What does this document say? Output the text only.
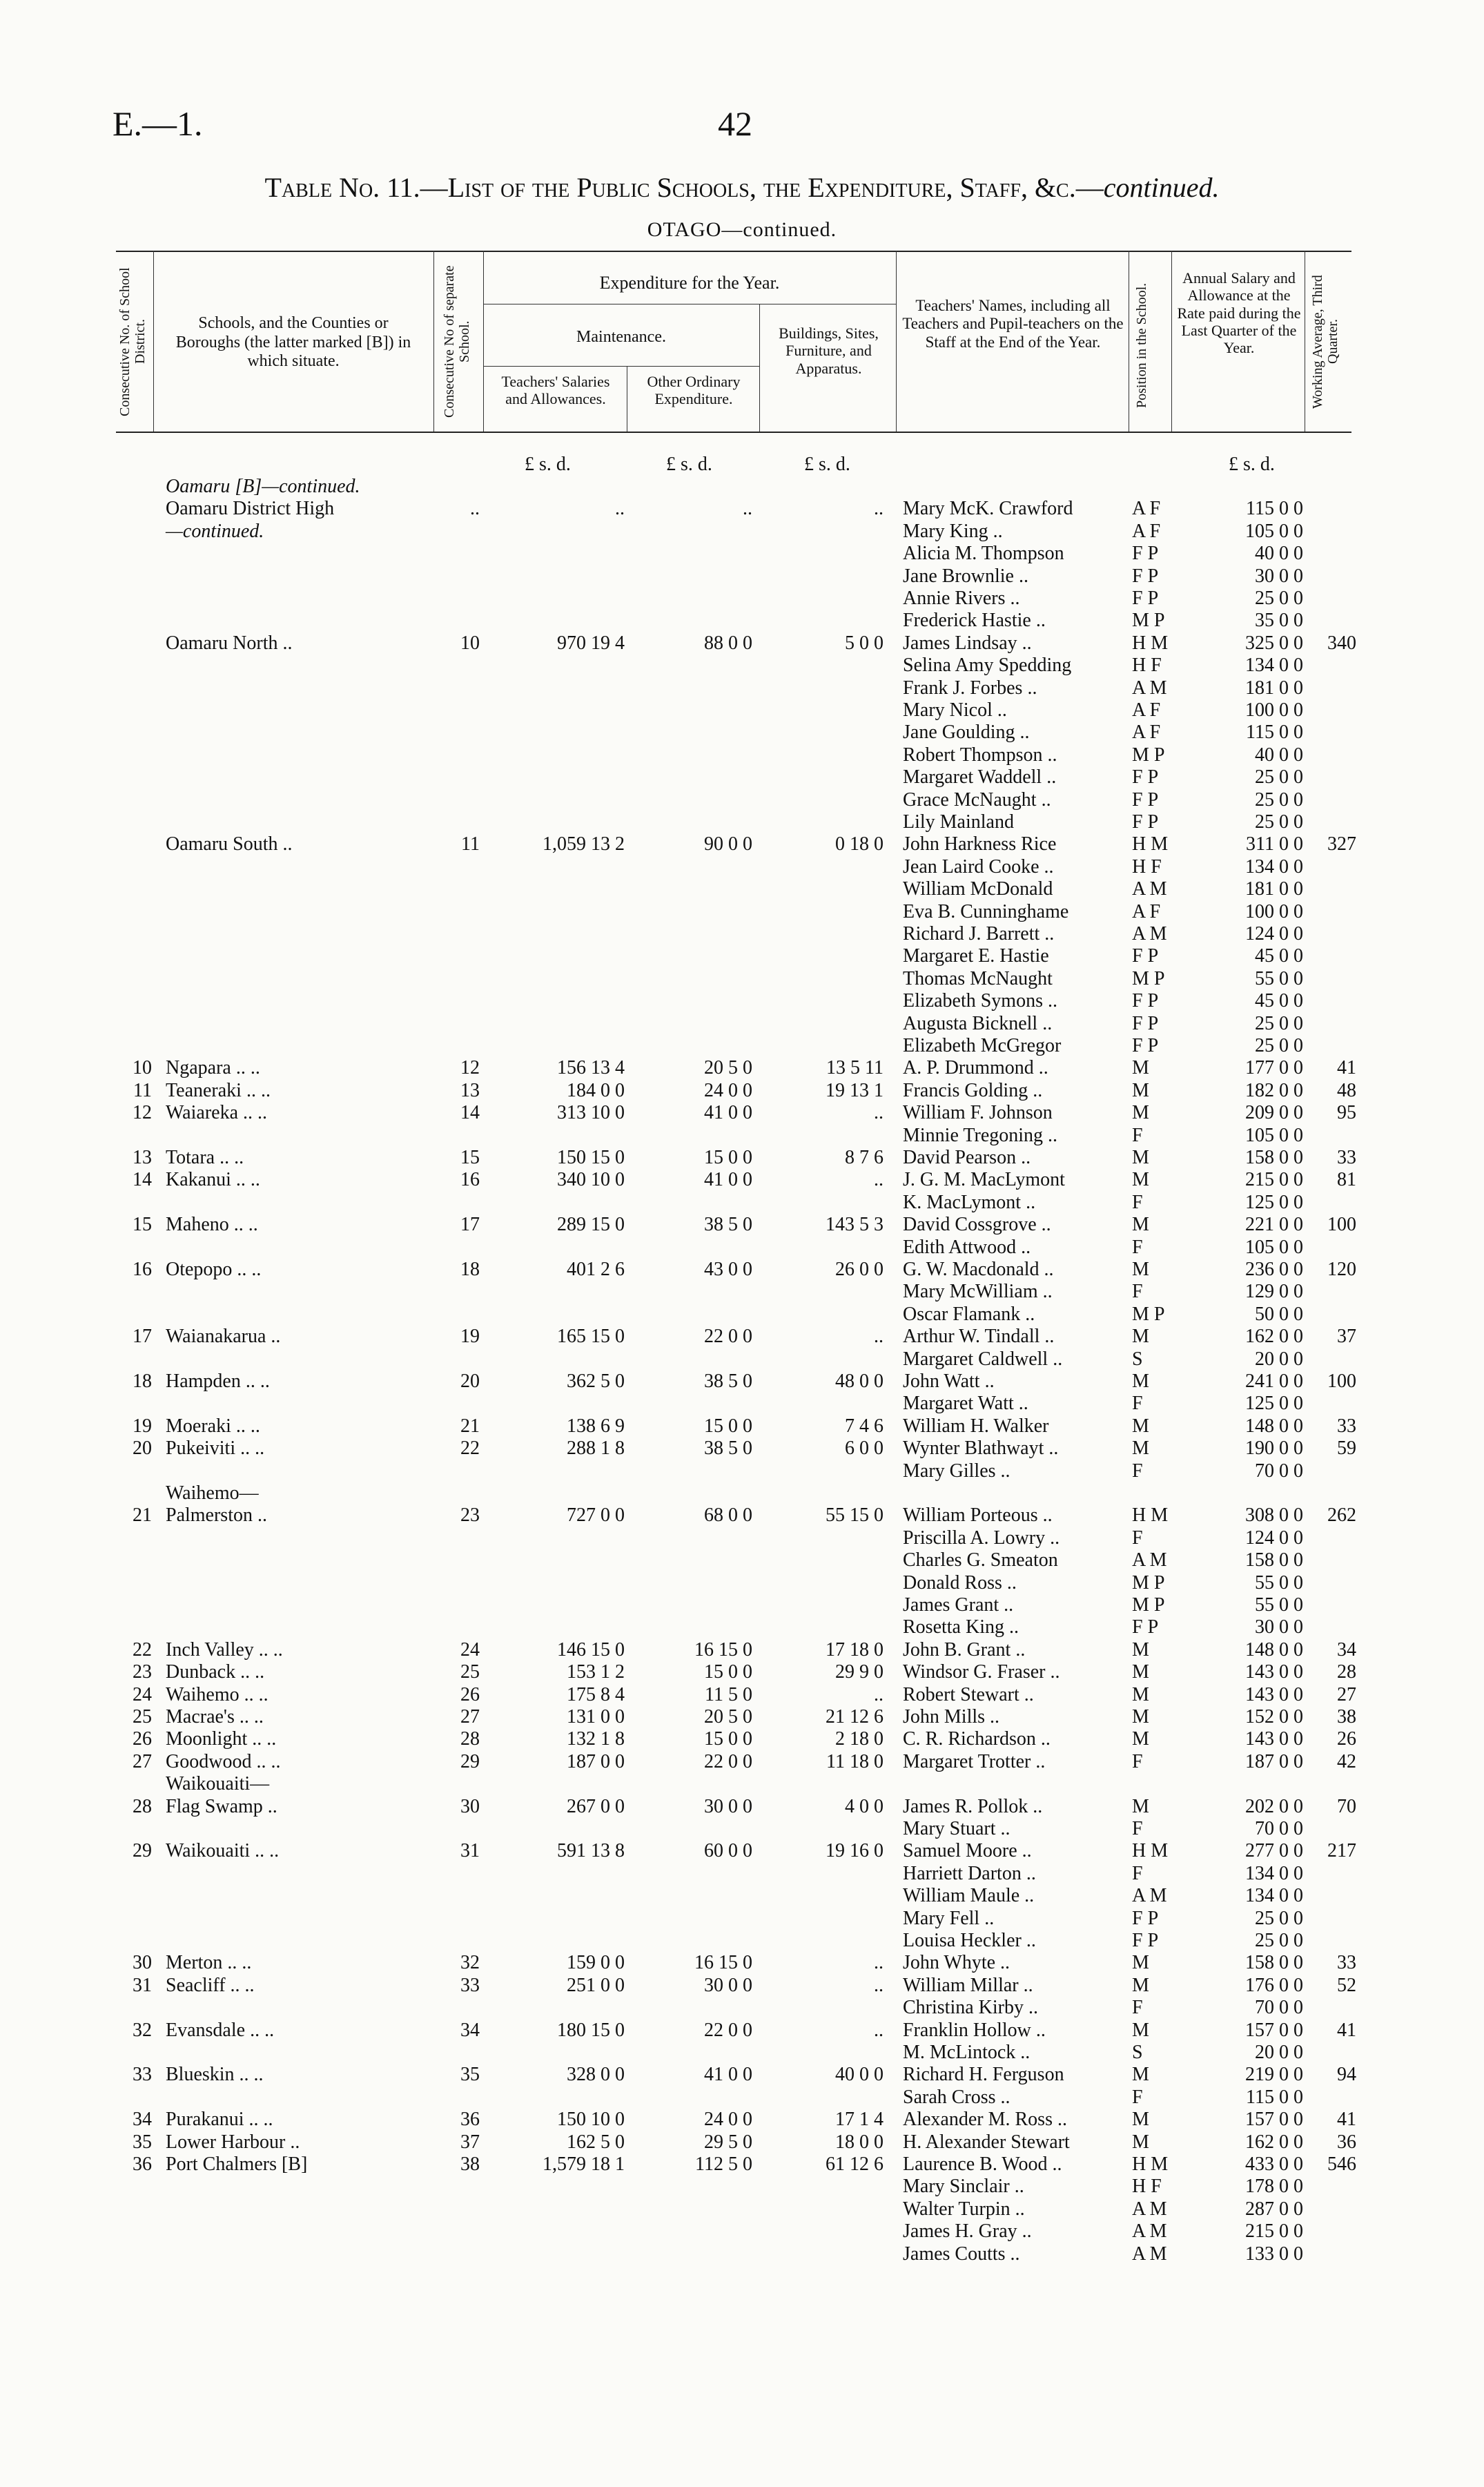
E.—1.	42
Table No. 11.—List of the Public Schools, the Expenditure, Staff, &c.—continued.
OTAGO—continued.
Consecutive No. of School District.	Schools, and the Counties or Boroughs (the latter marked [B]) in which situate.	Consecutive No of separate School.
Expenditure for the Year.
Maintenance.
Teachers' Salaries and Allowances.
Other Ordinary Expenditure.
Buildings, Sites, Furniture, and Apparatus.
Teachers' Names, including all Teachers and Pupil-teachers on the Staff at the End of the Year.	Position in the School.
Annual Salary and Allowance at the Rate paid during the Last Quarter of the Year.	Working Average, Third Quarter.
£ s. d.	£ s. d.	£ s. d.	£ s. d.
Oamaru [B]—continued.
Oamaru District High	..	..	..	.. Mary McK. Crawford	A F	115 0 0
—continued.	Mary King ..	A F	105 0 0
Alicia M. Thompson	F P	40 0 0
Jane Brownlie ..	F P	30 0 0
Annie Rivers ..	F P	25 0 0
Frederick Hastie ..	M P	35 0 0
Oamaru North ..	10	970 19 4	88 0 0	5 0 0 James Lindsay ..	H M	325 0 0	340
Selina Amy Spedding	H F	134 0 0
Frank J. Forbes ..	A M	181 0 0
Mary Nicol ..	A F	100 0 0
Jane Goulding ..	A F	115 0 0
Robert Thompson ..	M P	40 0 0
Margaret Waddell ..	F P	25 0 0
Grace McNaught ..	F P	25 0 0
Lily Mainland	F P	25 0 0
Oamaru South ..	11	1,059 13 2	90 0 0	0 18 0 John Harkness Rice	H M	311 0 0	327
Jean Laird Cooke ..	H F	134 0 0
William McDonald	A M	181 0 0
Eva B. Cunninghame	A F	100 0 0
Richard J. Barrett ..	A M	124 0 0
Margaret E. Hastie	F P	45 0 0
Thomas McNaught	M P	55 0 0
Elizabeth Symons ..	F P	45 0 0
Augusta Bicknell ..	F P	25 0 0
Elizabeth McGregor	F P	25 0 0
10 Ngapara .. ..	12	156 13 4	20 5 0	13 5 11 A. P. Drummond ..	M	177 0 0	41
11 Teaneraki .. ..	13	184 0 0	24 0 0	19 13 1 Francis Golding ..	M	182 0 0	48
12 Waiareka .. ..	14	313 10 0	41 0 0	.. William F. Johnson	M	209 0 0	95
Minnie Tregoning ..	F	105 0 0
13 Totara .. ..	15	150 15 0	15 0 0	8 7 6 David Pearson ..	M	158 0 0	33
14 Kakanui .. ..	16	340 10 0	41 0 0	.. J. G. M. MacLymont	M	215 0 0	81
K. MacLymont ..	F	125 0 0
15 Maheno .. ..	17	289 15 0	38 5 0	143 5 3 David Cossgrove ..	M	221 0 0	100
Edith Attwood ..	F	105 0 0
16 Otepopo .. ..	18	401 2 6	43 0 0	26 0 0 G. W. Macdonald ..	M	236 0 0	120
Mary McWilliam ..	F	129 0 0
Oscar Flamank ..	M P	50 0 0
17 Waianakarua ..	19	165 15 0	22 0 0	.. Arthur W. Tindall ..	M	162 0 0	37
Margaret Caldwell ..	S	20 0 0
18 Hampden .. ..	20	362 5 0	38 5 0	48 0 0 John Watt ..	M	241 0 0	100
Margaret Watt ..	F	125 0 0
19 Moeraki .. ..	21	138 6 9	15 0 0	7 4 6 William H. Walker	M	148 0 0	33
20 Pukeiviti .. ..	22	288 1 8	38 5 0	6 0 0 Wynter Blathwayt ..	M	190 0 0	59
Mary Gilles ..	F	70 0 0
Waihemo—
21 Palmerston ..	23	727 0 0	68 0 0	55 15 0 William Porteous ..	H M	308 0 0	262
Priscilla A. Lowry ..	F	124 0 0
Charles G. Smeaton	A M	158 0 0
Donald Ross ..	M P	55 0 0
James Grant ..	M P	55 0 0
Rosetta King ..	F P	30 0 0
22 Inch Valley .. ..	24	146 15 0	16 15 0	17 18 0 John B. Grant ..	M	148 0 0	34
23 Dunback .. ..	25	153 1 2	15 0 0	29 9 0 Windsor G. Fraser ..	M	143 0 0	28
24 Waihemo .. ..	26	175 8 4	11 5 0	.. Robert Stewart ..	M	143 0 0	27
25 Macrae's .. ..	27	131 0 0	20 5 0	21 12 6 John Mills ..	M	152 0 0	38
26 Moonlight .. ..	28	132 1 8	15 0 0	2 18 0 C. R. Richardson ..	M	143 0 0	26
27 Goodwood .. ..	29	187 0 0	22 0 0	11 18 0 Margaret Trotter ..	F	187 0 0	42
Waikouaiti—
28 Flag Swamp ..	30	267 0 0	30 0 0	4 0 0 James R. Pollok ..	M	202 0 0	70
Mary Stuart ..	F	70 0 0
29 Waikouaiti .. ..	31	591 13 8	60 0 0	19 16 0 Samuel Moore ..	H M	277 0 0	217
Harriett Darton ..	F	134 0 0
William Maule ..	A M	134 0 0
Mary Fell ..	F P	25 0 0
Louisa Heckler ..	F P	25 0 0
30 Merton .. ..	32	159 0 0	16 15 0	.. John Whyte ..	M	158 0 0	33
31 Seacliff .. ..	33	251 0 0	30 0 0	.. William Millar ..	M	176 0 0	52
Christina Kirby ..	F	70 0 0
32 Evansdale .. ..	34	180 15 0	22 0 0	.. Franklin Hollow ..	M	157 0 0	41
M. McLintock ..	S	20 0 0
33 Blueskin .. ..	35	328 0 0	41 0 0	40 0 0 Richard H. Ferguson	M	219 0 0	94
Sarah Cross ..	F	115 0 0
34 Purakanui .. ..	36	150 10 0	24 0 0	17 1 4 Alexander M. Ross ..	M	157 0 0	41
35 Lower Harbour ..	37	162 5 0	29 5 0	18 0 0 H. Alexander Stewart	M	162 0 0	36
36 Port Chalmers [B]	38	1,579 18 1	112 5 0	61 12 6 Laurence B. Wood ..	H M	433 0 0	546
Mary Sinclair ..	H F	178 0 0
Walter Turpin ..	A M	287 0 0
James H. Gray ..	A M	215 0 0
James Coutts ..	A M	133 0 0
